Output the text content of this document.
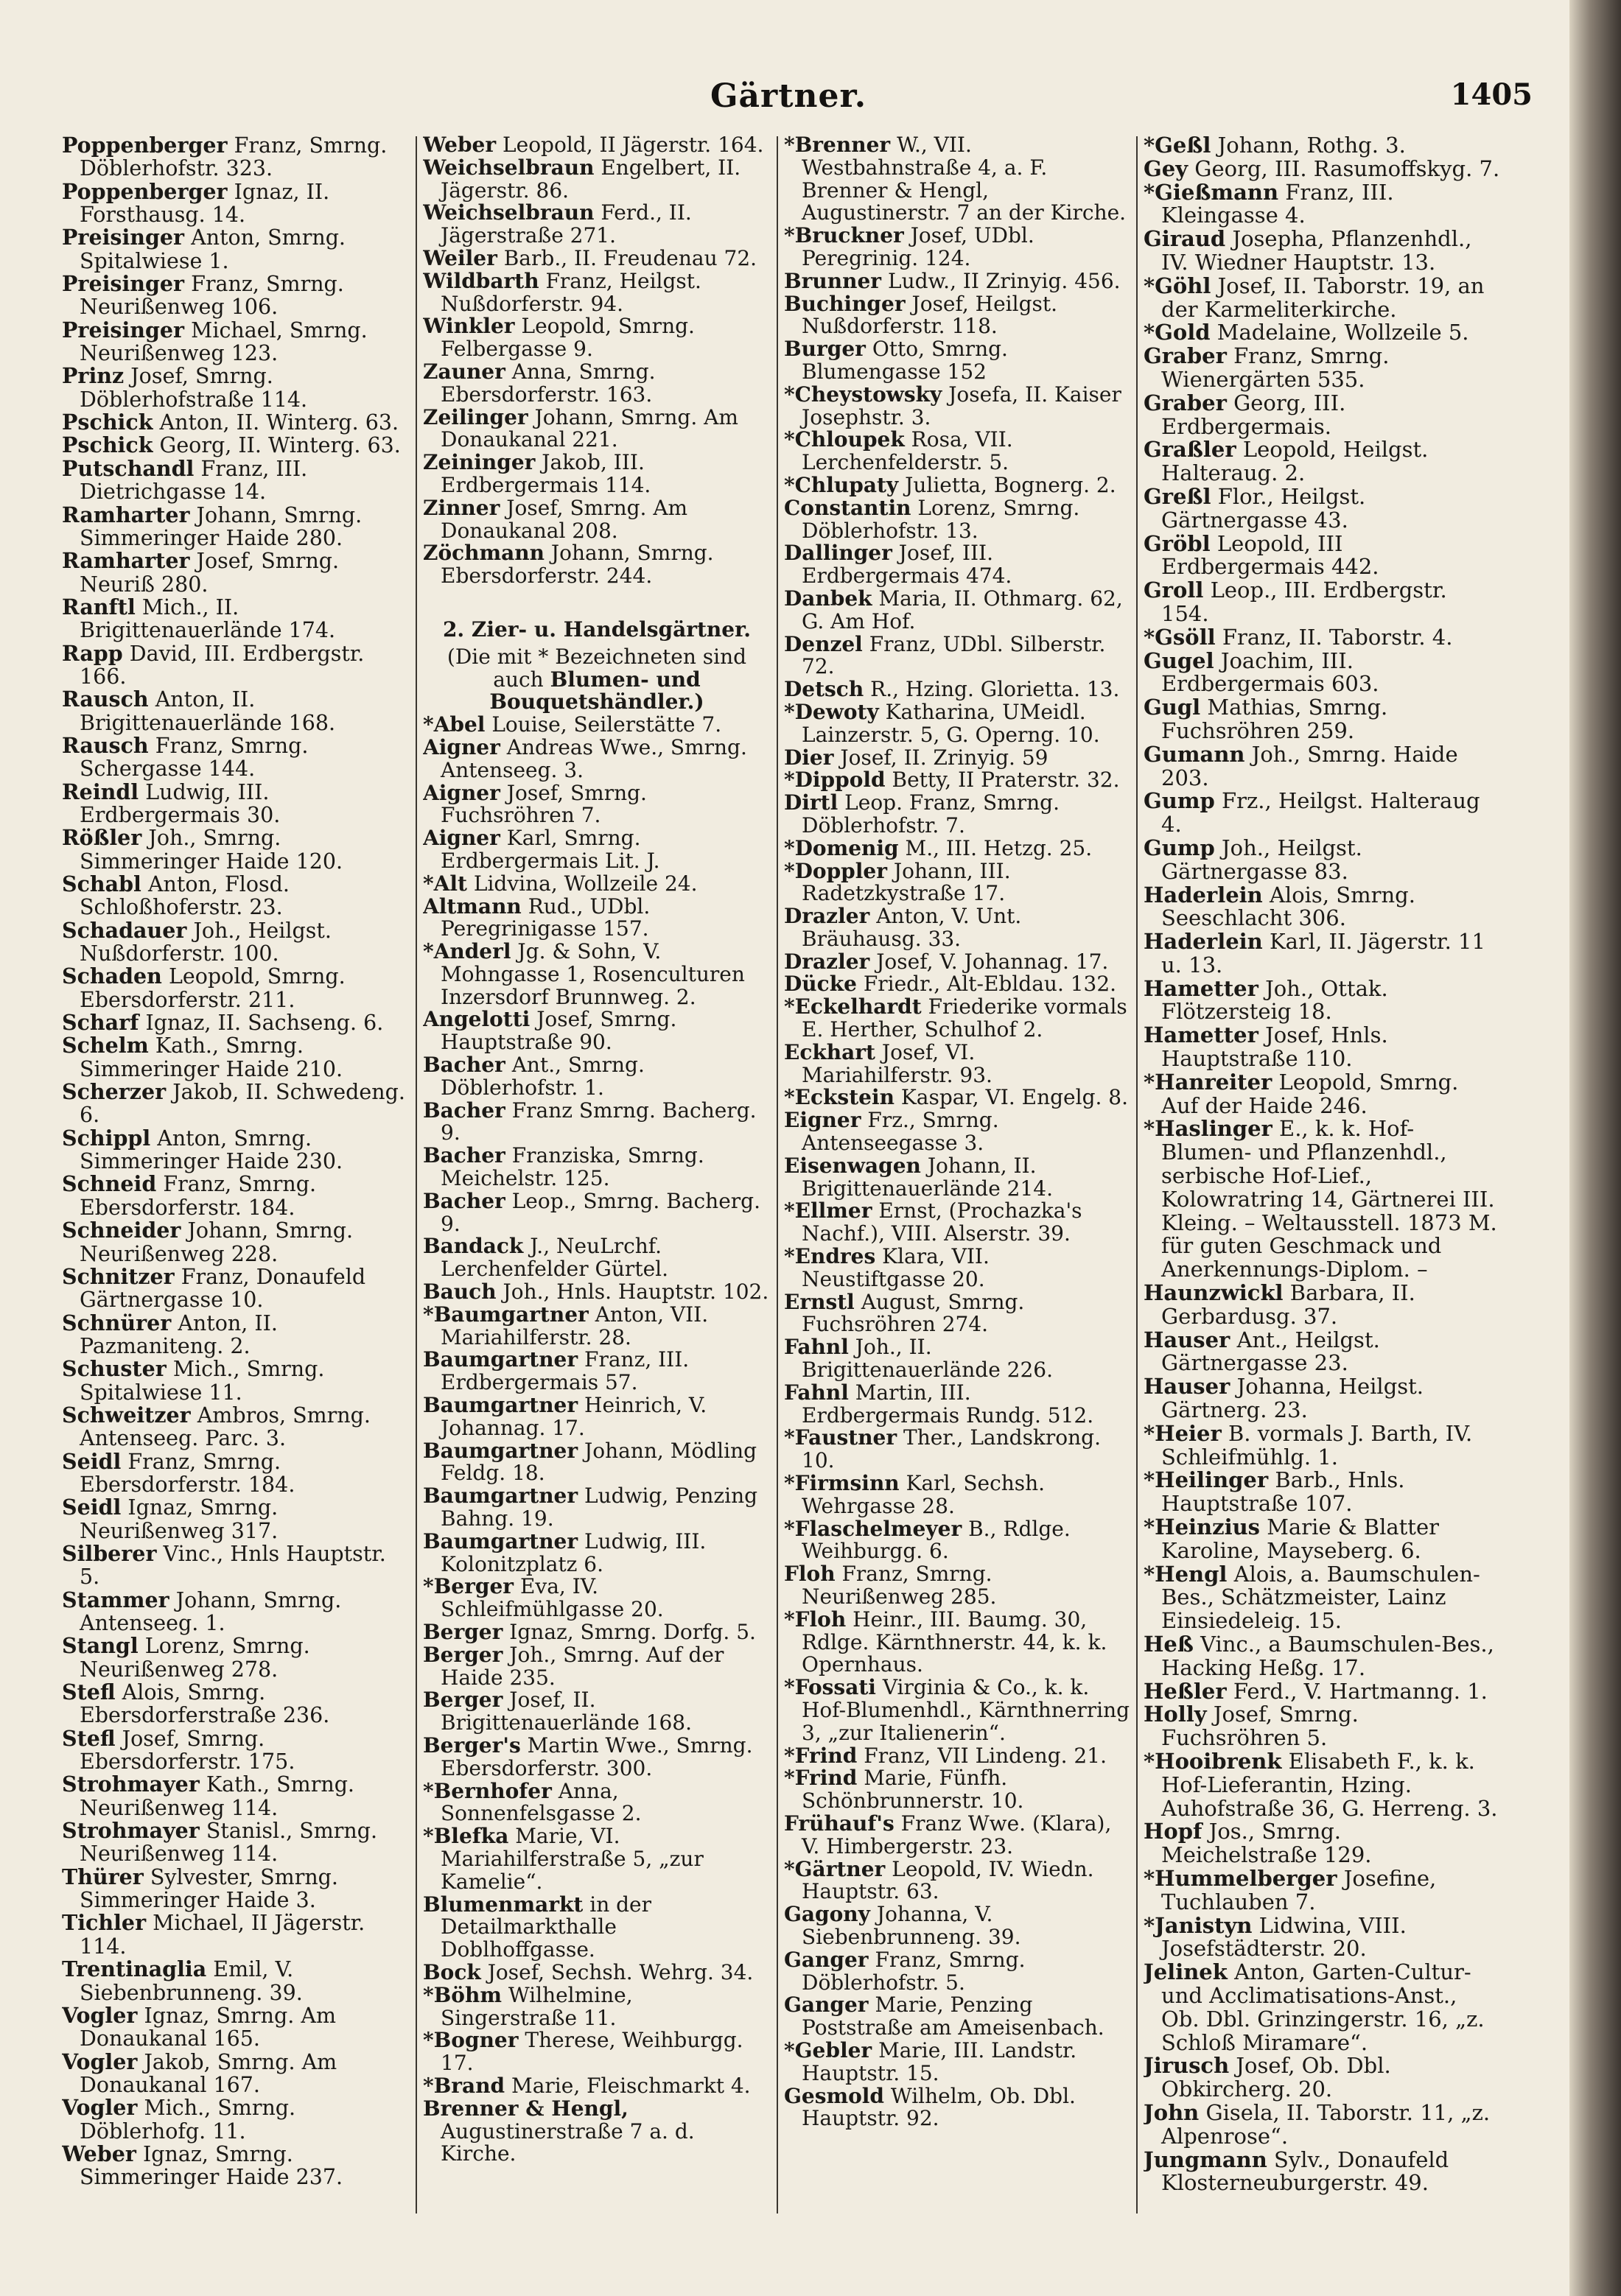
Gärtner.	1405

Poppenberger Franz, Smrng. Döblerhofstr. 323.

Poppenberger Ignaz, II. Forsthausg. 14.

Preisinger Anton, Smrng. Spitalwiese 1.

Preisinger Franz, Smrng. Neurißenweg 106.

Preisinger Michael, Smrng. Neurißenweg 123.

Prinz Josef, Smrng. Döblerhofstraße 114.

Pschick Anton, II. Winterg. 63.

Pschick Georg, II. Winterg. 63.

Putschandl Franz, III. Dietrichgasse 14.

Ramharter Johann, Smrng. Simmeringer Haide 280.

Ramharter Josef, Smrng. Neuriß 280.

Ranftl Mich., II. Brigittenauerlände 174.

Rapp David, III. Erdbergstr. 166.

Rausch Anton, II. Brigittenauerlände 168.

Rausch Franz, Smrng. Schergasse 144.

Reindl Ludwig, III. Erdbergermais 30.

Rößler Joh., Smrng. Simmeringer Haide 120.

Schabl Anton, Flosd. Schloßhoferstr. 23.

Schadauer Joh., Heilgst. Nußdorferstr. 100.

Schaden Leopold, Smrng. Ebersdorferstr. 211.

Scharf Ignaz, II. Sachseng. 6.

Schelm Kath., Smrng. Simmeringer Haide 210.

Scherzer Jakob, II. Schwedeng. 6.

Schippl Anton, Smrng. Simmeringer Haide 230.

Schneid Franz, Smrng. Ebersdorferstr. 184.

Schneider Johann, Smrng. Neurißenweg 228.

Schnitzer Franz, Donaufeld Gärtnergasse 10.

Schnürer Anton, II. Pazmaniteng. 2.

Schuster Mich., Smrng. Spitalwiese 11.

Schweitzer Ambros, Smrng. Antenseeg. Parc. 3.

Seidl Franz, Smrng. Ebersdorferstr. 184.

Seidl Ignaz, Smrng. Neurißenweg 317.

Silberer Vinc., Hnls Hauptstr. 5.

Stammer Johann, Smrng. Antenseeg. 1.

Stangl Lorenz, Smrng. Neurißenweg 278.

Stefl Alois, Smrng. Ebersdorferstraße 236.

Stefl Josef, Smrng. Ebersdorferstr. 175.

Strohmayer Kath., Smrng. Neurißenweg 114.

Strohmayer Stanisl., Smrng. Neurißenweg 114.

Thürer Sylvester, Smrng. Simmeringer Haide 3.

Tichler Michael, II Jägerstr. 114.

Trentinaglia Emil, V. Siebenbrunneng. 39.

Vogler Ignaz, Smrng. Am Donaukanal 165.

Vogler Jakob, Smrng. Am Donaukanal 167.

Vogler Mich., Smrng. Döblerhofg. 11.

Weber Ignaz, Smrng. Simmeringer Haide 237.

Weber Leopold, II Jägerstr. 164.

Weichselbraun Engelbert, II. Jägerstr. 86.

Weichselbraun Ferd., II. Jägerstraße 271.

Weiler Barb., II. Freudenau 72.

Wildbarth Franz, Heilgst. Nußdorferstr. 94.

Winkler Leopold, Smrng. Felbergasse 9.

Zauner Anna, Smrng. Ebersdorferstr. 163.

Zeilinger Johann, Smrng. Am Donaukanal 221.

Zeininger Jakob, III. Erdbergermais 114.

Zinner Josef, Smrng. Am Donaukanal 208.

Zöchmann Johann, Smrng. Ebersdorferstr. 244.

2. Zier- u. Handelsgärtner.
(Die mit * Bezeichneten sind auch Blumen- und Bouquetshändler.)

*Abel Louise, Seilerstätte 7.

Aigner Andreas Wwe., Smrng. Antenseeg. 3.

Aigner Josef, Smrng. Fuchsröhren 7.

Aigner Karl, Smrng. Erdbergermais Lit. J.

*Alt Lidvina, Wollzeile 24.

Altmann Rud., UDbl. Peregrinigasse 157.

*Anderl Jg. & Sohn, V. Mohngasse 1, Rosenculturen Inzersdorf Brunnweg. 2.

Angelotti Josef, Smrng. Hauptstraße 90.

Bacher Ant., Smrng. Döblerhofstr. 1.

Bacher Franz Smrng. Bacherg. 9.

Bacher Franziska, Smrng. Meichelstr. 125.

Bacher Leop., Smrng. Bacherg. 9.

Bandack J., NeuLrchf. Lerchenfelder Gürtel.

Bauch Joh., Hnls. Hauptstr. 102.

*Baumgartner Anton, VII. Mariahilferstr. 28.

Baumgartner Franz, III. Erdbergermais 57.

Baumgartner Heinrich, V. Johannag. 17.

Baumgartner Johann, Mödling Feldg. 18.

Baumgartner Ludwig, Penzing Bahng. 19.

Baumgartner Ludwig, III. Kolonitzplatz 6.

*Berger Eva, IV. Schleifmühlgasse 20.

Berger Ignaz, Smrng. Dorfg. 5.

Berger Joh., Smrng. Auf der Haide 235.

Berger Josef, II. Brigittenauerlände 168.

Berger's Martin Wwe., Smrng. Ebersdorferstr. 300.

*Bernhofer Anna, Sonnenfelsgasse 2.

*Blefka Marie, VI. Mariahilferstraße 5, „zur Kamelie“.

Blumenmarkt in der Detailmarkthalle Doblhoffgasse.

Bock Josef, Sechsh. Wehrg. 34.

*Böhm Wilhelmine, Singerstraße 11.

*Bogner Therese, Weihburgg. 17.

*Brand Marie, Fleischmarkt 4.

Brenner & Hengl, Augustinerstraße 7 a. d. Kirche.

*Brenner W., VII. Westbahnstraße 4, a. F. Brenner & Hengl, Augustinerstr. 7 an der Kirche.

*Bruckner Josef, UDbl. Peregrinig. 124.

Brunner Ludw., II Zrinyig. 456.

Buchinger Josef, Heilgst. Nußdorferstr. 118.

Burger Otto, Smrng. Blumengasse 152

*Cheystowsky Josefa, II. Kaiser Josephstr. 3.

*Chloupek Rosa, VII. Lerchenfelderstr. 5.

*Chlupaty Julietta, Bognerg. 2.

Constantin Lorenz, Smrng. Döblerhofstr. 13.

Dallinger Josef, III. Erdbergermais 474.

Danbek Maria, II. Othmarg. 62, G. Am Hof.

Denzel Franz, UDbl. Silberstr. 72.

Detsch R., Hzing. Glorietta. 13.

*Dewoty Katharina, UMeidl. Lainzerstr. 5, G. Operng. 10.

Dier Josef, II. Zrinyig. 59

*Dippold Betty, II Praterstr. 32.

Dirtl Leop. Franz, Smrng. Döblerhofstr. 7.

*Domenig M., III. Hetzg. 25.

*Doppler Johann, III. Radetzkystraße 17.

Drazler Anton, V. Unt. Bräuhausg. 33.

Drazler Josef, V. Johannag. 17.

Dücke Friedr., Alt-Ebldau. 132.

*Eckelhardt Friederike vormals E. Herther, Schulhof 2.

Eckhart Josef, VI. Mariahilferstr. 93.

*Eckstein Kaspar, VI. Engelg. 8.

Eigner Frz., Smrng. Antenseegasse 3.

Eisenwagen Johann, II. Brigittenauerlände 214.

*Ellmer Ernst, (Prochazka's Nachf.), VIII. Alserstr. 39.

*Endres Klara, VII. Neustiftgasse 20.

Ernstl August, Smrng. Fuchsröhren 274.

Fahnl Joh., II. Brigittenauerlände 226.

Fahnl Martin, III. Erdbergermais Rundg. 512.

*Faustner Ther., Landskrong. 10.

*Firmsinn Karl, Sechsh. Wehrgasse 28.

*Flaschelmeyer B., Rdlge. Weihburgg. 6.

Floh Franz, Smrng. Neurißenweg 285.

*Floh Heinr., III. Baumg. 30, Rdlge. Kärnthnerstr. 44, k. k. Opernhaus.

*Fossati Virginia & Co., k. k. Hof-Blumenhdl., Kärnthnerring 3, „zur Italienerin“.

*Frind Franz, VII Lindeng. 21.

*Frind Marie, Fünfh. Schönbrunnerstr. 10.

Frühauf's Franz Wwe. (Klara), V. Himbergerstr. 23.

*Gärtner Leopold, IV. Wiedn. Hauptstr. 63.

Gagony Johanna, V. Siebenbrunneng. 39.

Ganger Franz, Smrng. Döblerhofstr. 5.

Ganger Marie, Penzing Poststraße am Ameisenbach.

*Gebler Marie, III. Landstr. Hauptstr. 15.

Gesmold Wilhelm, Ob. Dbl. Hauptstr. 92.

*Geßl Johann, Rothg. 3.

Gey Georg, III. Rasumoffskyg. 7.

*Gießmann Franz, III. Kleingasse 4.

Giraud Josepha, Pflanzenhdl., IV. Wiedner Hauptstr. 13.

*Göhl Josef, II. Taborstr. 19, an der Karmeliterkirche.

*Gold Madelaine, Wollzeile 5.

Graber Franz, Smrng. Wienergärten 535.

Graber Georg, III. Erdbergermais.

Graßler Leopold, Heilgst. Halteraug. 2.

Greßl Flor., Heilgst. Gärtnergasse 43.

Gröbl Leopold, III Erdbergermais 442.

Groll Leop., III. Erdbergstr. 154.

*Gsöll Franz, II. Taborstr. 4.

Gugel Joachim, III. Erdbergermais 603.

Gugl Mathias, Smrng. Fuchsröhren 259.

Gumann Joh., Smrng. Haide 203.

Gump Frz., Heilgst. Halteraug 4.

Gump Joh., Heilgst. Gärtnergasse 83.

Haderlein Alois, Smrng. Seeschlacht 306.

Haderlein Karl, II. Jägerstr. 11 u. 13.

Hametter Joh., Ottak. Flötzersteig 18.

Hametter Josef, Hnls. Hauptstraße 110.

*Hanreiter Leopold, Smrng. Auf der Haide 246.

*Haslinger E., k. k. Hof-Blumen- und Pflanzenhdl., serbische Hof-Lief., Kolowratring 14, Gärtnerei III. Kleing. – Weltausstell. 1873 M. für guten Geschmack und Anerkennungs-Diplom. –

Haunzwickl Barbara, II. Gerbardusg. 37.

Hauser Ant., Heilgst. Gärtnergasse 23.

Hauser Johanna, Heilgst. Gärtnerg. 23.

*Heier B. vormals J. Barth, IV. Schleifmühlg. 1.

*Heilinger Barb., Hnls. Hauptstraße 107.

*Heinzius Marie & Blatter Karoline, Mayseberg. 6.

*Hengl Alois, a. Baumschulen-Bes., Schätzmeister, Lainz Einsiedeleig. 15.

Heß Vinc., a Baumschulen-Bes., Hacking Heßg. 17.

Heßler Ferd., V. Hartmanng. 1.

Holly Josef, Smrng. Fuchsröhren 5.

*Hooibrenk Elisabeth F., k. k. Hof-Lieferantin, Hzing. Auhofstraße 36, G. Herreng. 3.

Hopf Jos., Smrng. Meichelstraße 129.

*Hummelberger Josefine, Tuchlauben 7.

*Janistyn Lidwina, VIII. Josefstädterstr. 20.

Jelinek Anton, Garten-Cultur- und Acclimatisations-Anst., Ob. Dbl. Grinzingerstr. 16, „z. Schloß Miramare“.

Jirusch Josef, Ob. Dbl. Obkircherg. 20.

John Gisela, II. Taborstr. 11, „z. Alpenrose“.

Jungmann Sylv., Donaufeld Klosterneuburgerstr. 49.
